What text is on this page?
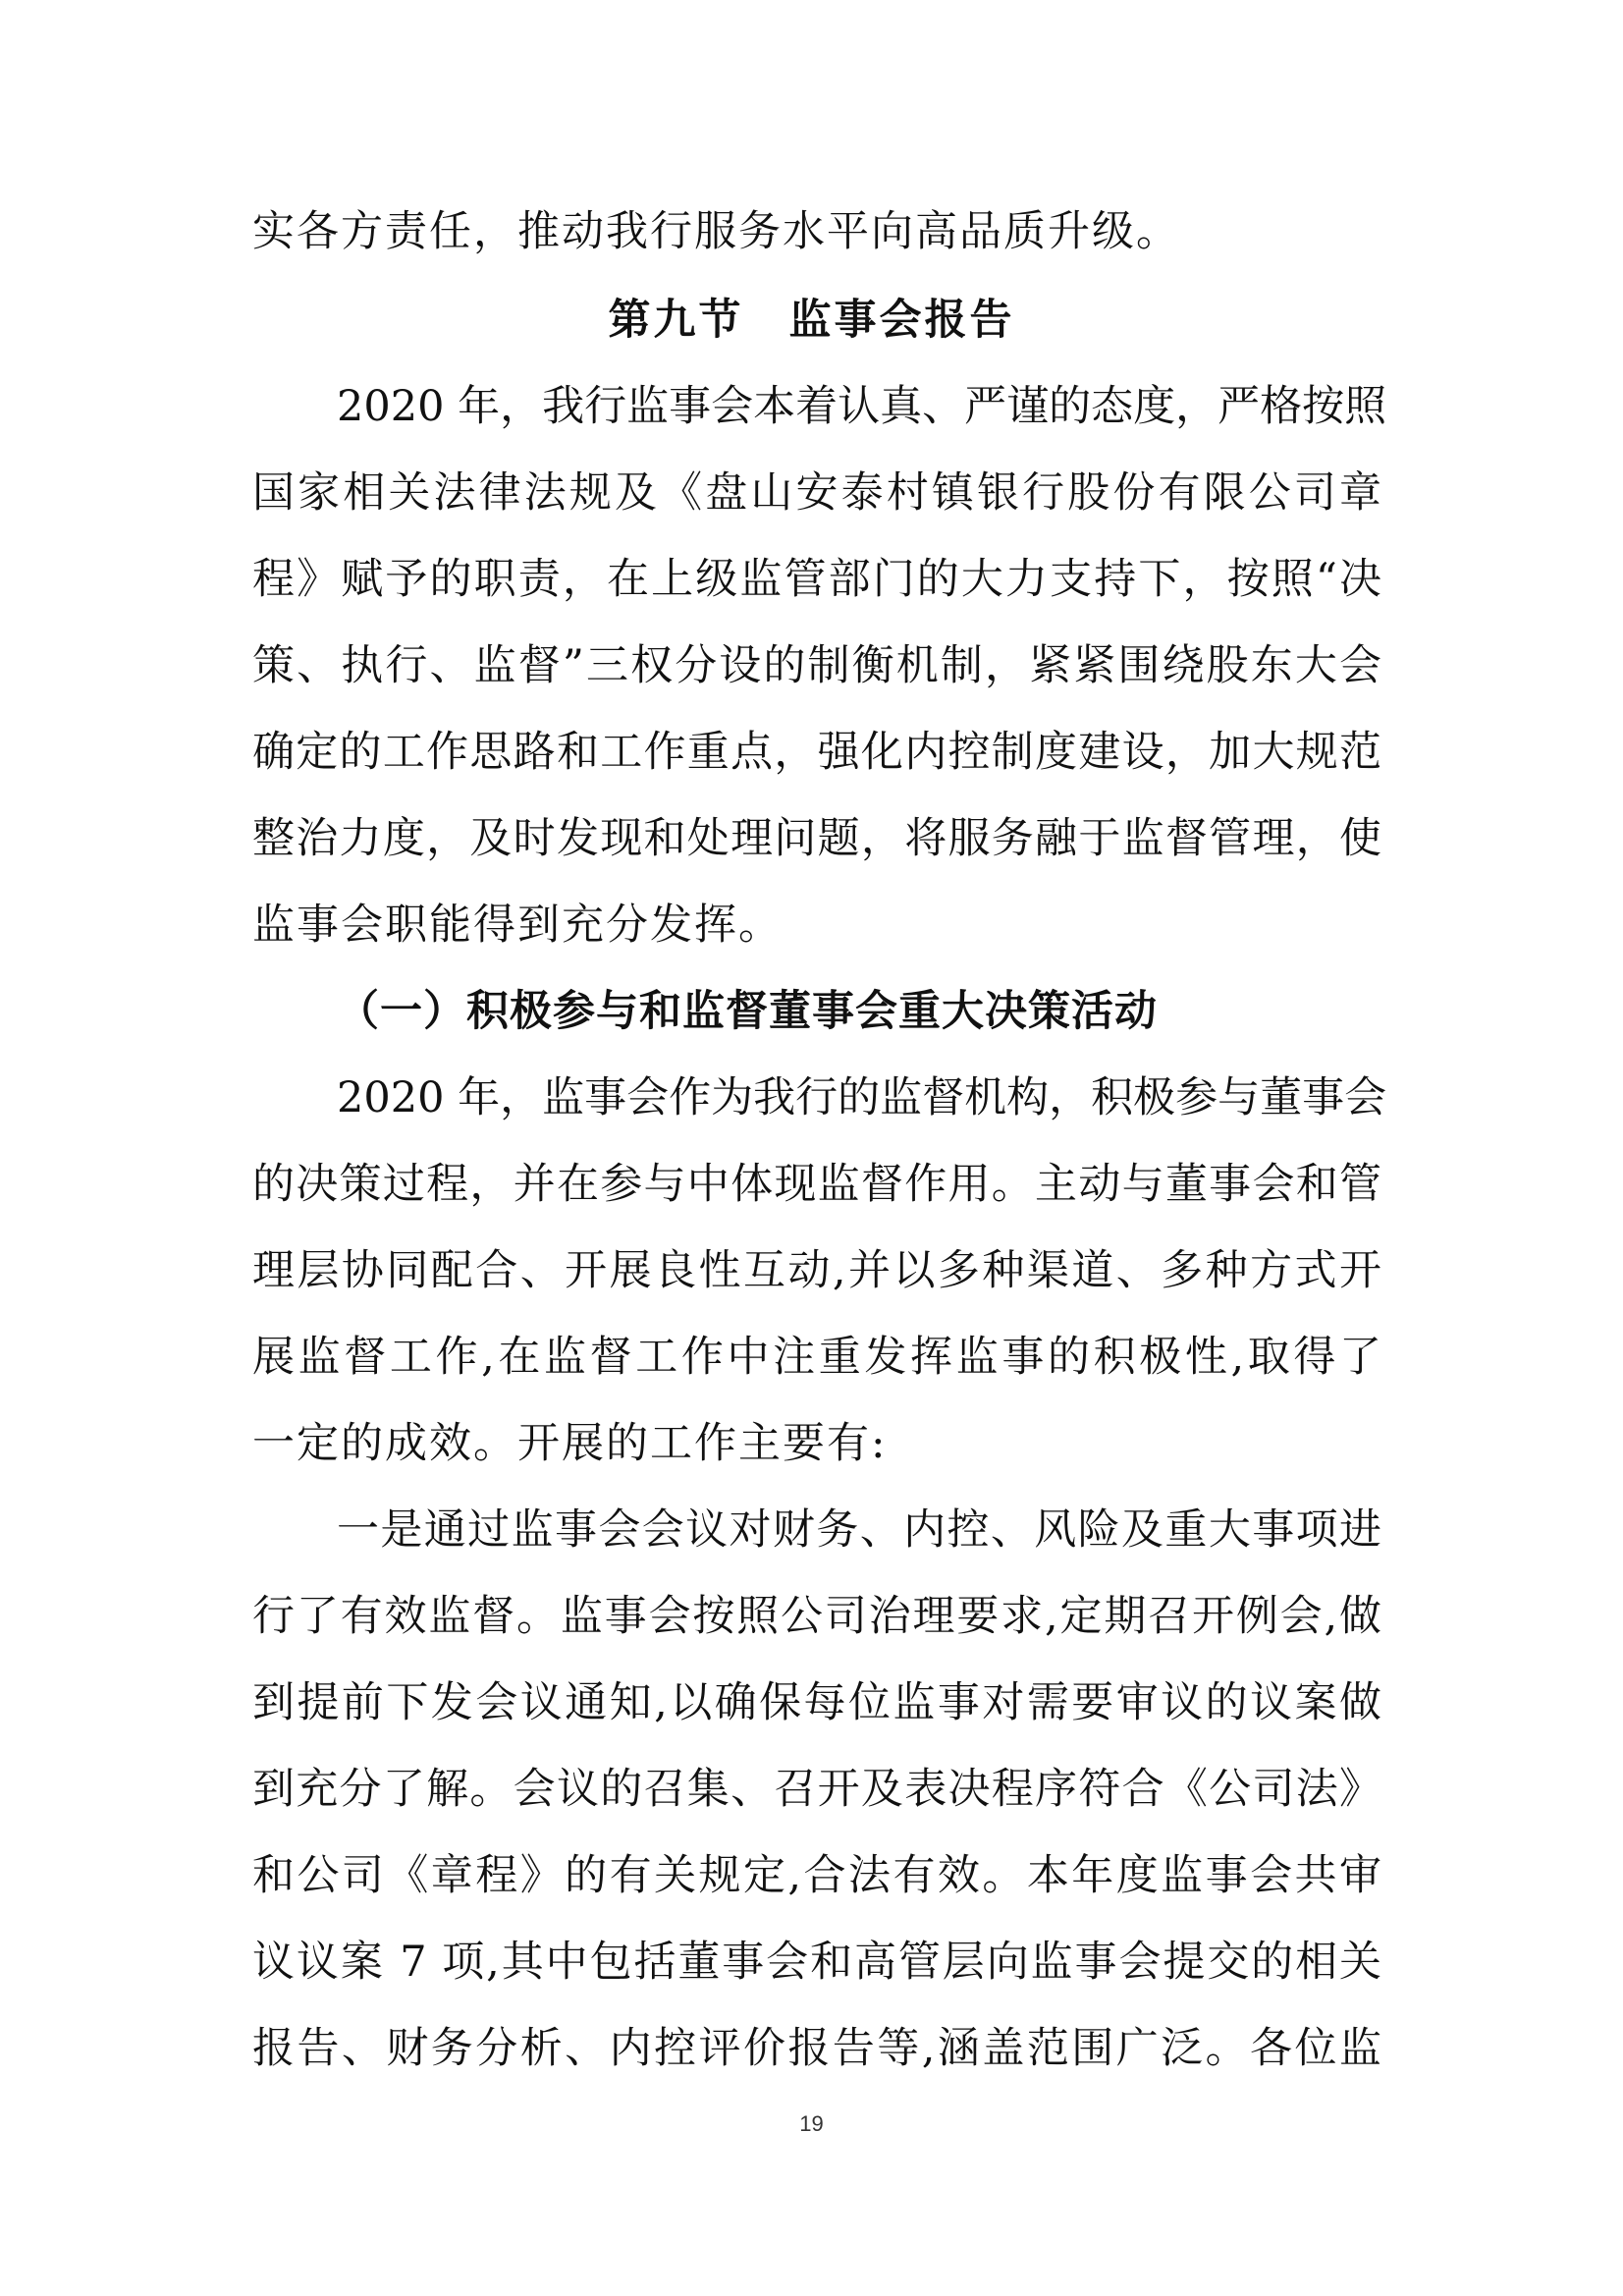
实各方责任，推动我行服务水平向高品质升级。
第九节　监事会报告
2020 年，我行监事会本着认真、严谨的态度，严格按照
国家相关法律法规及《盘山安泰村镇银行股份有限公司章
程》赋予的职责，在上级监管部门的大力支持下，按照“决
策、执行、监督”三权分设的制衡机制，紧紧围绕股东大会
确定的工作思路和工作重点，强化内控制度建设，加大规范
整治力度，及时发现和处理问题，将服务融于监督管理，使
监事会职能得到充分发挥。
（一）积极参与和监督董事会重大决策活动
2020 年，监事会作为我行的监督机构，积极参与董事会
的决策过程，并在参与中体现监督作用。主动与董事会和管
理层协同配合、开展良性互动,并以多种渠道、多种方式开
展监督工作,在监督工作中注重发挥监事的积极性,取得了
一定的成效。开展的工作主要有:
一是通过监事会会议对财务、内控、风险及重大事项进
行了有效监督。监事会按照公司治理要求,定期召开例会,做
到提前下发会议通知,以确保每位监事对需要审议的议案做
到充分了解。会议的召集、召开及表决程序符合《公司法》
和公司《章程》的有关规定,合法有效。本年度监事会共审
议议案 7 项,其中包括董事会和高管层向监事会提交的相关
报告、财务分析、内控评价报告等,涵盖范围广泛。各位监
19
